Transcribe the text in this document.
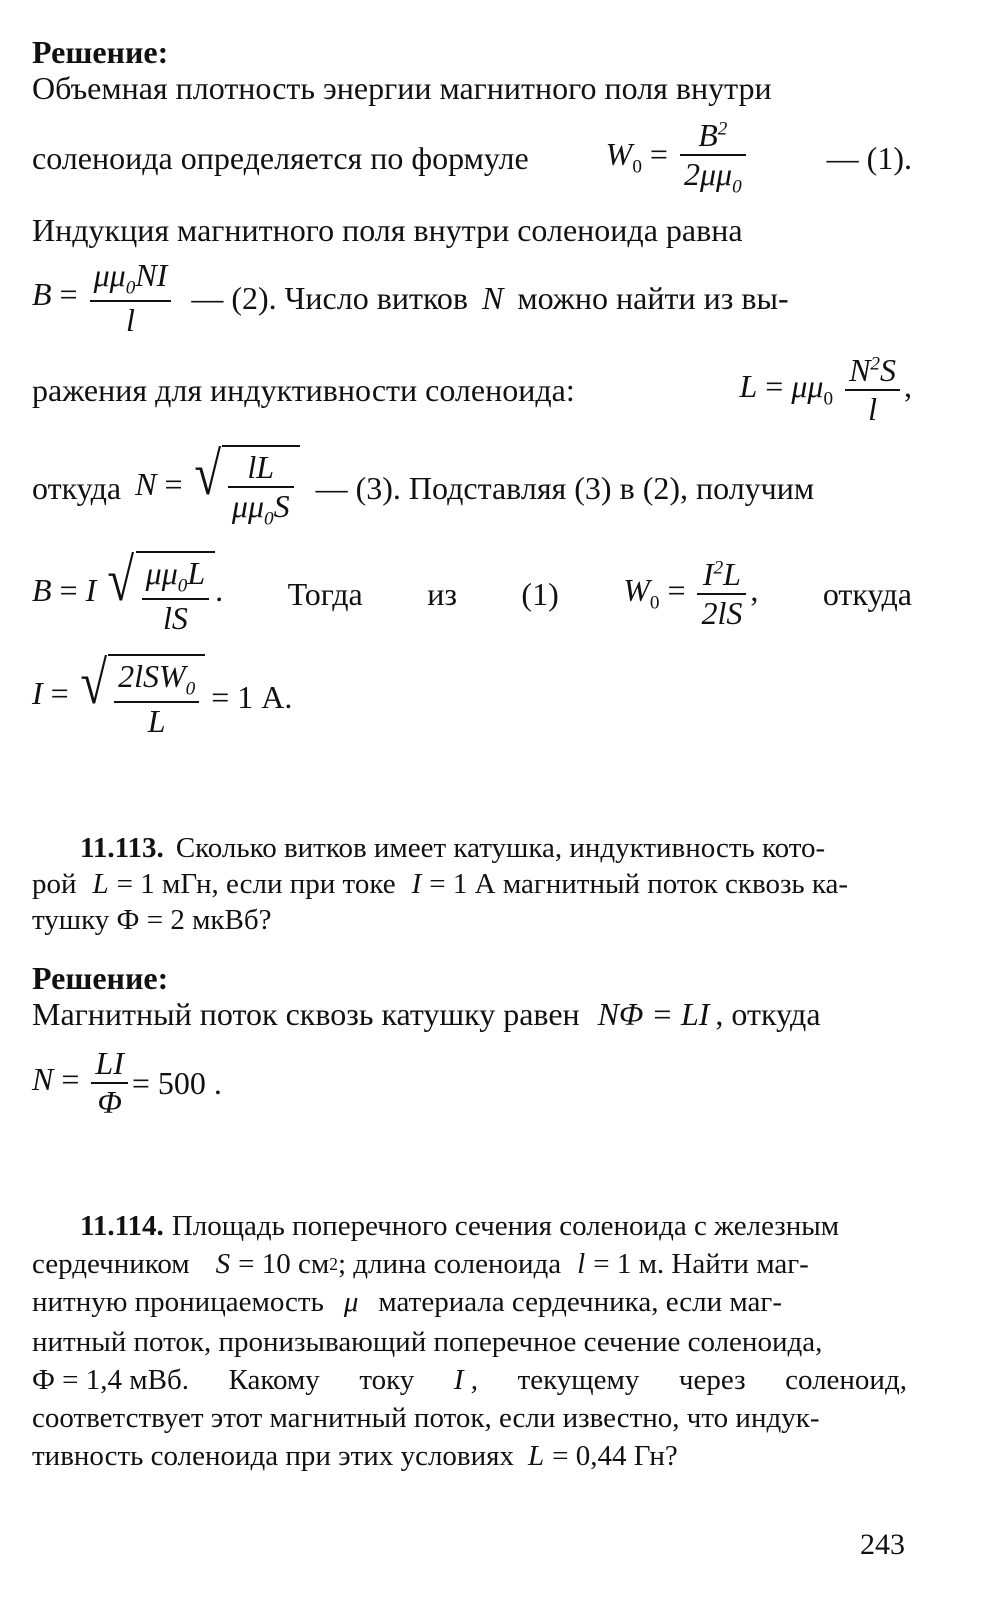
Решение:
Объемная плотность энергии магнитного поля внутри
соленоида определяется по формуле $W_0 = \frac{B^2}{2\mu\mu_0}$	— (1).
Индукция магнитного поля внутри соленоида равна
$B = \frac{\mu\mu_0NI}{l}$ — (2). Число витков N можно найти из вы-
ражения для индуктивности соленоида:	$L = \mu\mu_0 \frac{N^2S}{l}$ ,
откуда N = √ $\frac{lL}{\mu\mu_0S}$ — (3). Подставляя (3) в (2), получим
B = I √ $\frac{\mu\mu_0L}{lS}$ . Тогда из (1) $W_0 = \frac{I^2L}{2lS}$ , откуда
I = √ $\frac{2lSW_0}{L} = 1$ А.
11.113. Сколько витков имеет катушка, индуктивность кото-
рой L = 1 мГн, если при токе I = 1 А магнитный поток сквозь ка-
тушку Ф = 2 мкВб?
Решение:
Магнитный поток сквозь катушку равен NΦ = LI , откуда
$N = \frac{LI}{\Phi} = 500$ .
11.114. Площадь поперечного сечения соленоида с железным
сердечником S = 10 см 2 ; длина соленоида l = 1 м. Найти маг-
нитную проницаемость μ материала сердечника, если маг-
нитный поток, пронизывающий поперечное сечение соленоида,
Ф = 1,4 мВб. Какому току I , текущему через соленоид,
соответствует этот магнитный поток, если известно, что индук-
тивность соленоида при этих условиях L = 0,44 Гн?
243
